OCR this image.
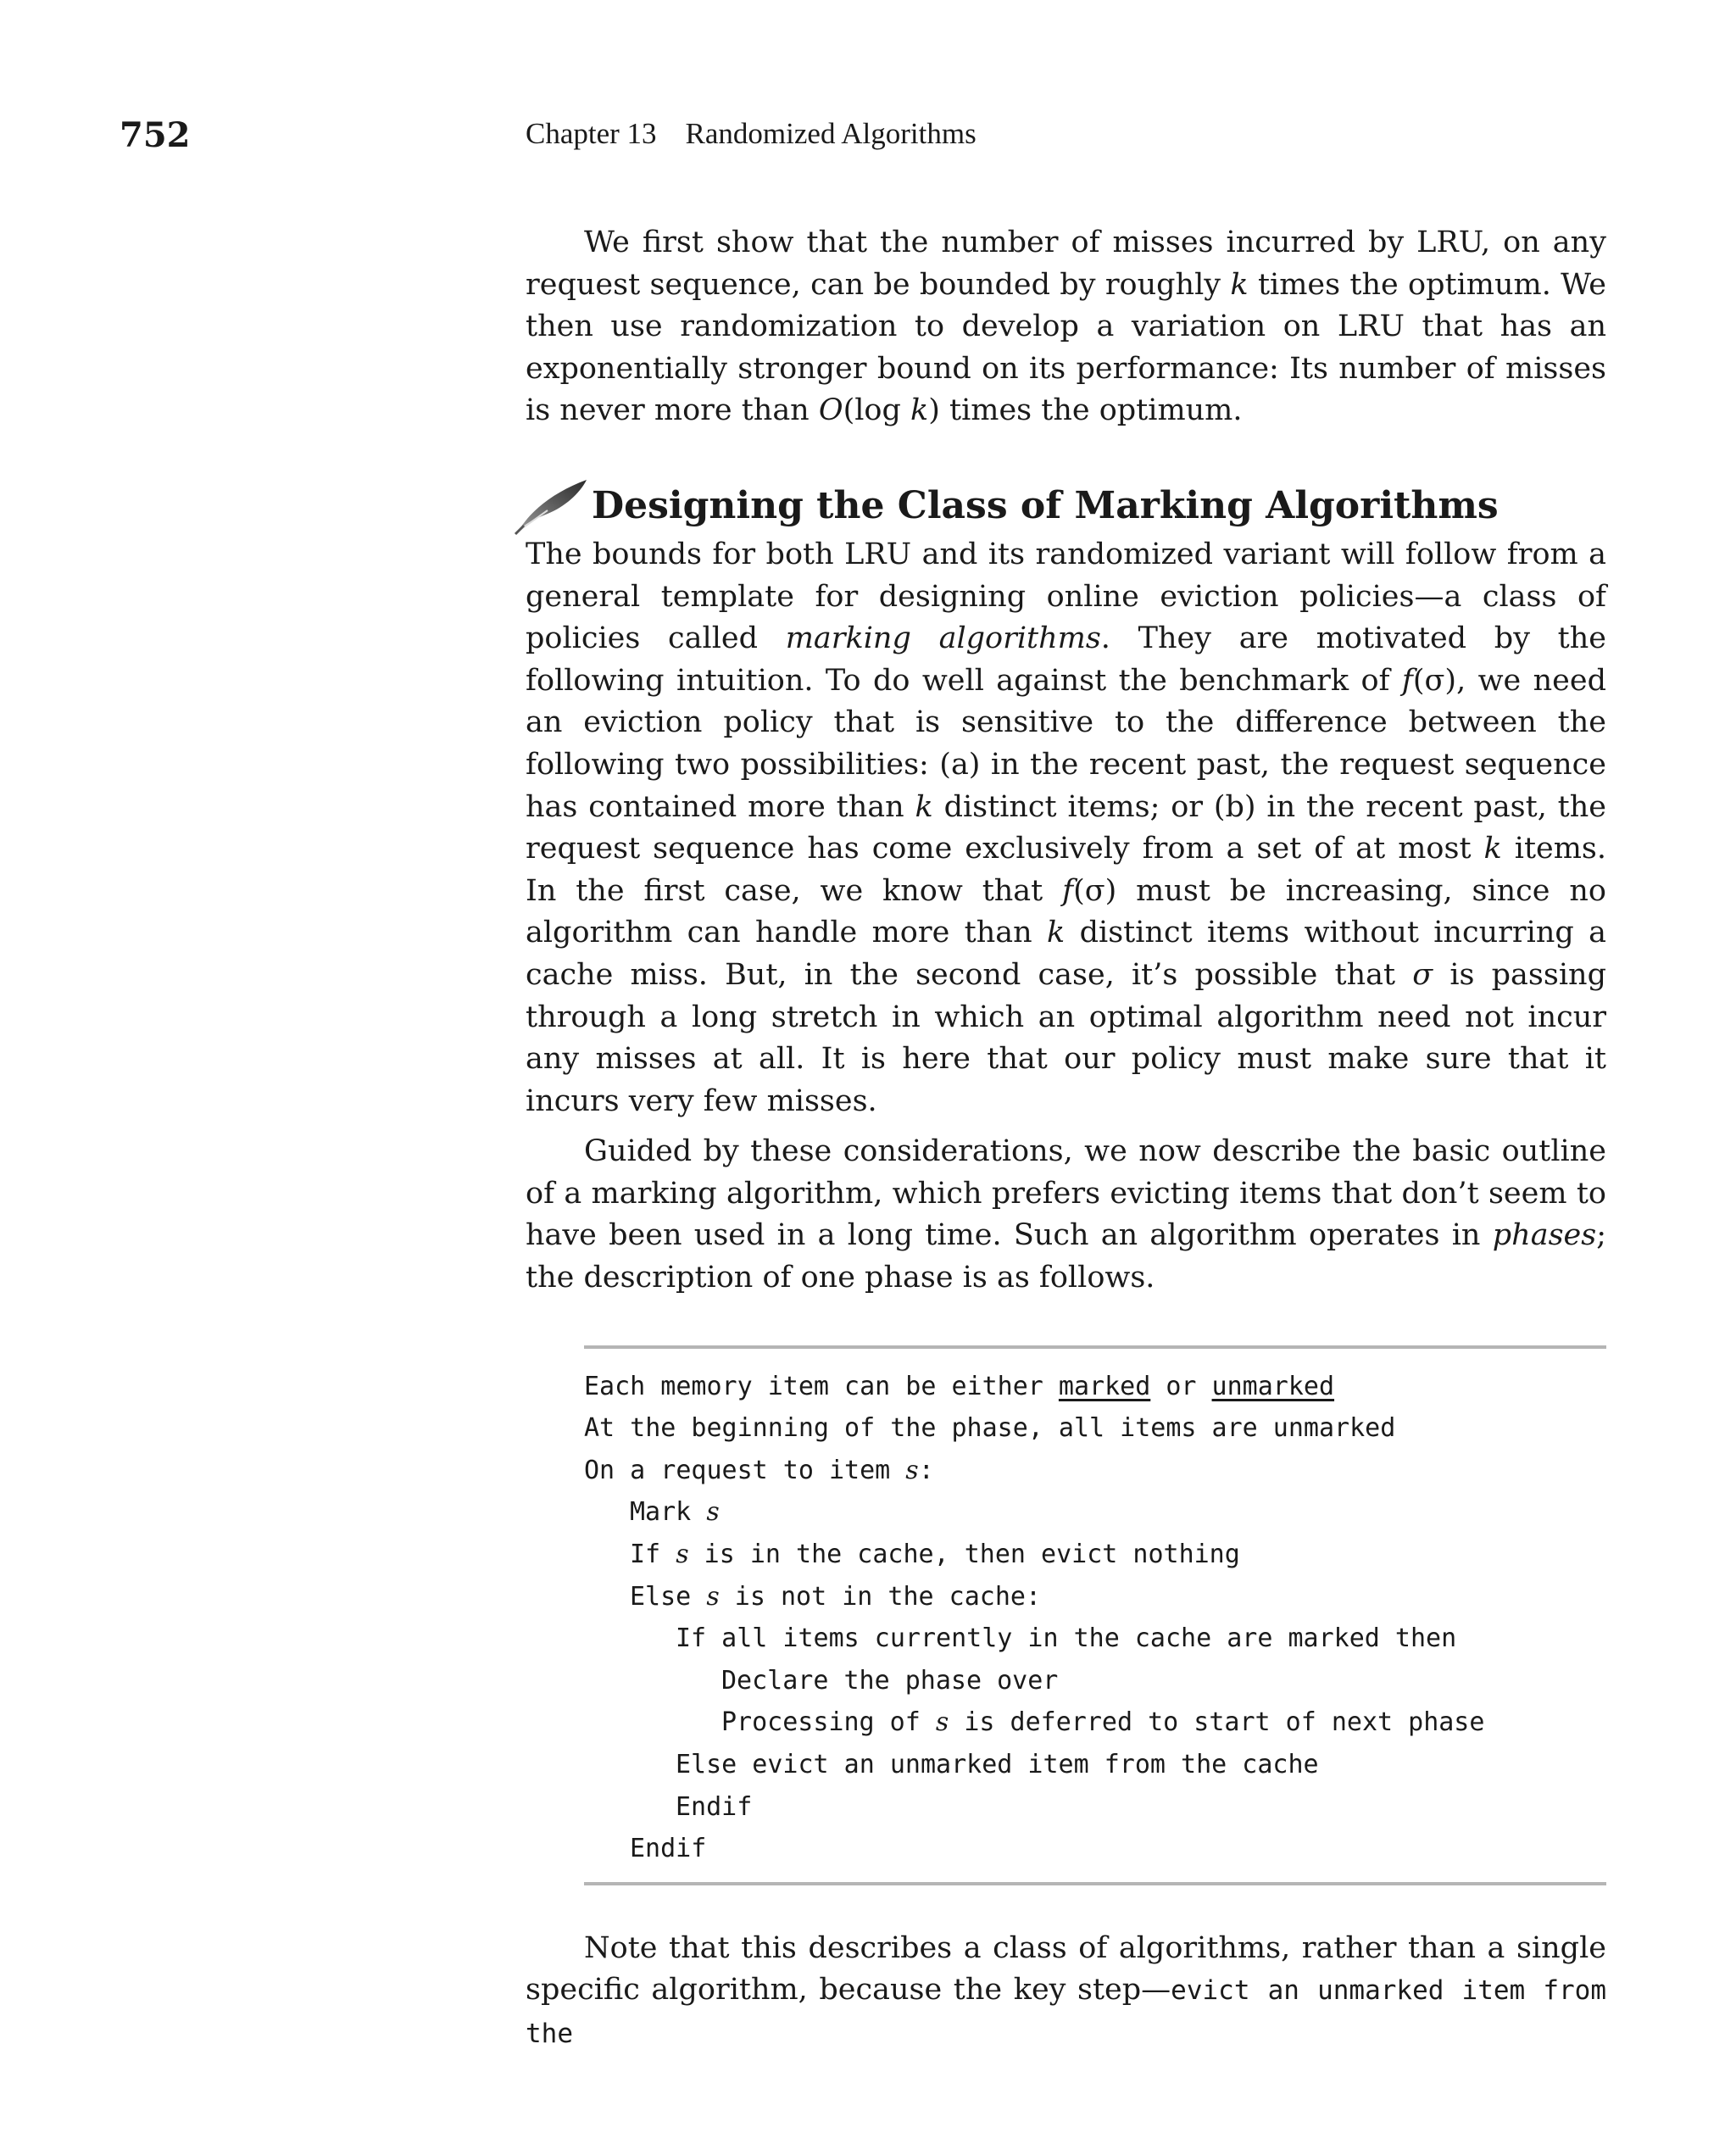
752	Chapter 13 Randomized Algorithms

We first show that the number of misses incurred by LRU, on any request sequence, can be bounded by roughly k times the optimum. We then use randomization to develop a variation on LRU that has an exponentially stronger bound on its performance: Its number of misses is never more than O(log k) times the optimum.

Designing the Class of Marking Algorithms

The bounds for both LRU and its randomized variant will follow from a general template for designing online eviction policies—a class of policies called marking algorithms. They are motivated by the following intuition. To do well against the benchmark of f(σ), we need an eviction policy that is sensitive to the difference between the following two possibilities: (a) in the recent past, the request sequence has contained more than k distinct items; or (b) in the recent past, the request sequence has come exclusively from a set of at most k items. In the first case, we know that f(σ) must be increasing, since no algorithm can handle more than k distinct items without incurring a cache miss. But, in the second case, it’s possible that σ is passing through a long stretch in which an optimal algorithm need not incur any misses at all. It is here that our policy must make sure that it incurs very few misses.

Guided by these considerations, we now describe the basic outline of a marking algorithm, which prefers evicting items that don’t seem to have been used in a long time. Such an algorithm operates in phases; the description of one phase is as follows.

Each memory item can be either marked or unmarked
At the beginning of the phase, all items are unmarked
On a request to item s:
Mark s
If s is in the cache, then evict nothing
Else s is not in the cache:
If all items currently in the cache are marked then
Declare the phase over
Processing of s is deferred to start of next phase
Else evict an unmarked item from the cache
Endif
Endif

Note that this describes a class of algorithms, rather than a single specific algorithm, because the key step—evict an unmarked item from the
